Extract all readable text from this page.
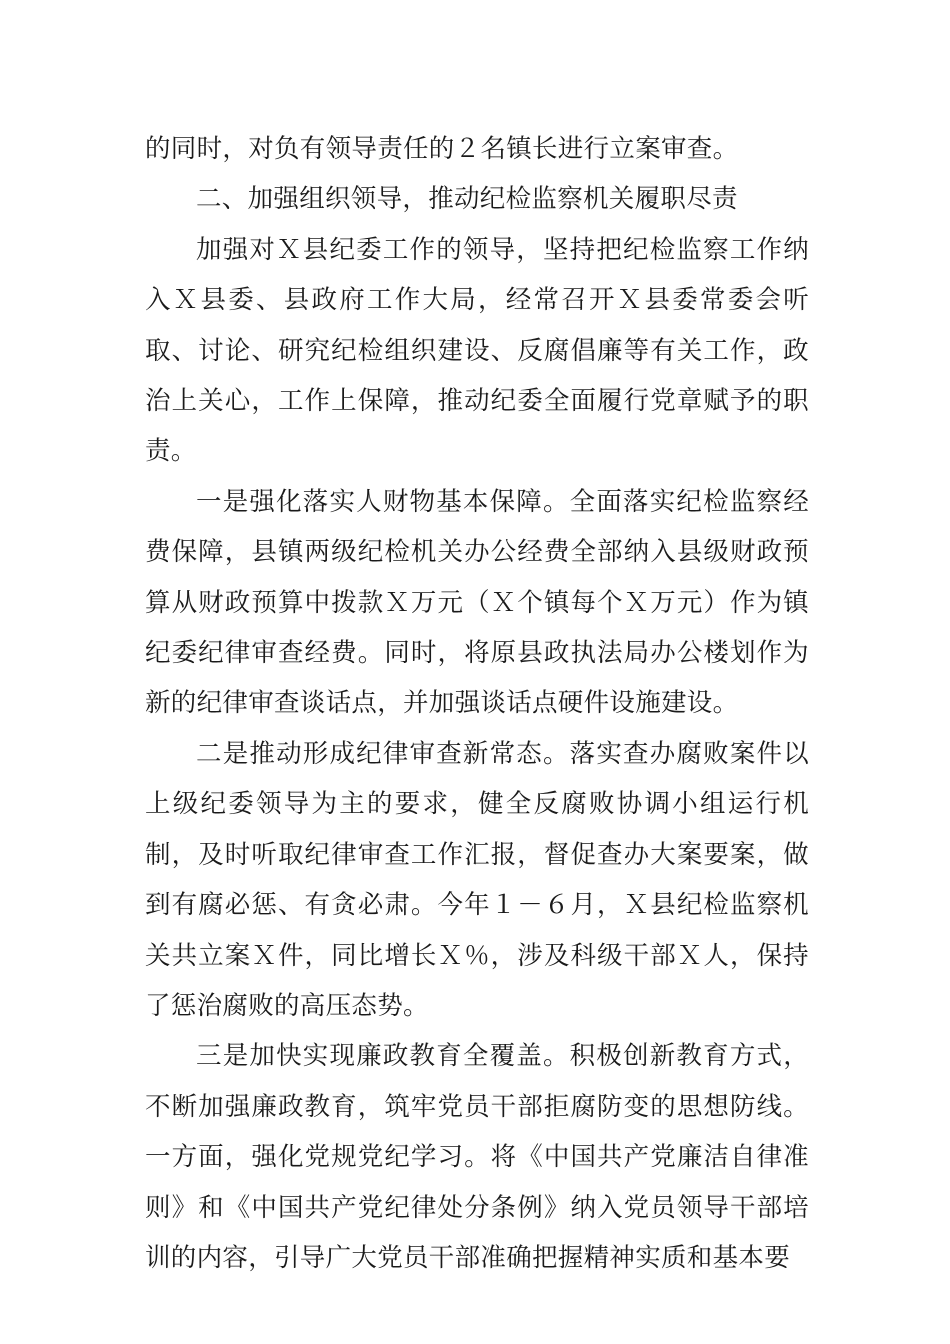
的同时，对负有领导责任的２名镇长进行立案审查。

二、加强组织领导，推动纪检监察机关履职尽责

加强对Ｘ县纪委工作的领导，坚持把纪检监察工作纳入Ｘ县委、县政府工作大局，经常召开Ｘ县委常委会听取、讨论、研究纪检组织建设、反腐倡廉等有关工作，政治上关心，工作上保障，推动纪委全面履行党章赋予的职责。

一是强化落实人财物基本保障。全面落实纪检监察经费保障，县镇两级纪检机关办公经费全部纳入县级财政预算从财政预算中拨款Ｘ万元（Ｘ个镇每个Ｘ万元）作为镇纪委纪律审查经费。同时，将原县政执法局办公楼划作为新的纪律审查谈话点，并加强谈话点硬件设施建设。

二是推动形成纪律审查新常态。落实查办腐败案件以上级纪委领导为主的要求，健全反腐败协调小组运行机制，及时听取纪律审查工作汇报，督促查办大案要案，做到有腐必惩、有贪必肃。今年１－６月，Ｘ县纪检监察机关共立案Ｘ件，同比增长Ｘ％，涉及科级干部Ｘ人，保持了惩治腐败的高压态势。

三是加快实现廉政教育全覆盖。积极创新教育方式，不断加强廉政教育，筑牢党员干部拒腐防变的思想防线。一方面，强化党规党纪学习。将《中国共产党廉洁自律准则》和《中国共产党纪律处分条例》纳入党员领导干部培训的内容，引导广大党员干部准确把握精神实质和基本要
